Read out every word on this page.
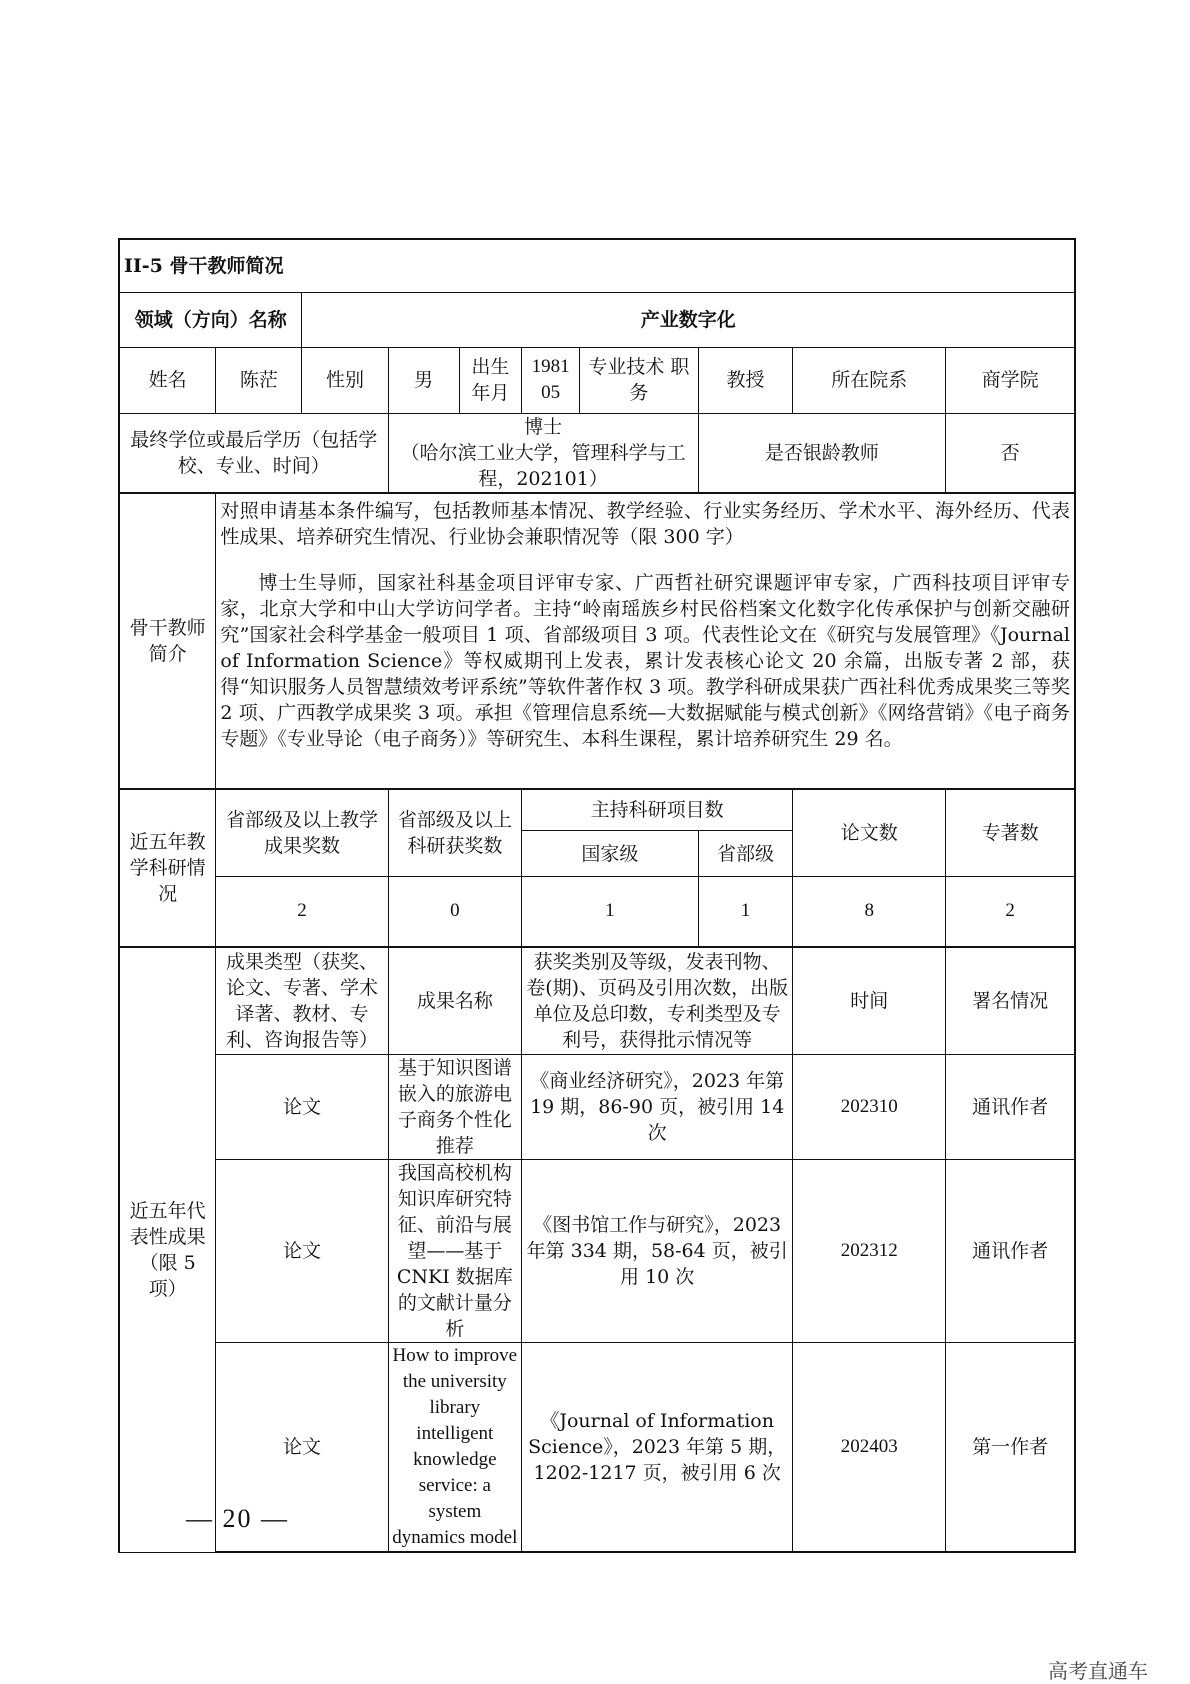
II-5 骨干教师简况									
领域（方向）名称		产业数字化							
姓名	陈茫	性别	男	出生年月	1981 05	专业技术 职 务	教授	所在院系	商学院
最终学位或最后学历（包括学校、专业、时间）			博士
（哈尔滨工业大学，管理科学与工程，202101）				是否银龄教师		否
骨干教师简介	对照申请基本条件编写，包括教师基本情况、教学经验、行业实务经历、学术水平、海外经历、代表性成果、培养研究生情况、行业协会兼职情况等（限 300 字）

博士生导师，国家社科基金项目评审专家、广西哲社研究课题评审专家，广西科技项目评审专家，北京大学和中山大学访问学者。主持“岭南瑶族乡村民俗档案文化数字化传承保护与创新交融研究”国家社会科学基金一般项目 1 项、省部级项目 3 项。代表性论文在《研究与发展管理》《Journal of Information Science》等权威期刊上发表，累计发表核心论文 20 余篇，出版专著 2 部，获得“知识服务人员智慧绩效考评系统”等软件著作权 3 项。教学科研成果获广西社科优秀成果奖三等奖 2 项、广西教学成果奖 3 项。承担《管理信息系统—大数据赋能与模式创新》《网络营销》《电子商务专题》《专业导论（电子商务）》等研究生、本科生课程，累计培养研究生 29 名。								

近五年教学科研情况	省部级及以上教学成果奖数		省部级及以上科研获奖数		主持科研项目数			论文数	专著数
					国家级		省部级		
	2		0		1		1	8	2
近五年代表性成果（限 5 项）	成果类型（获奖、论文、专著、学术译著、教材、专利、咨询报告等）		成果名称		获奖类别及等级，发表刊物、卷(期)、页码及引用次数，出版单位及总印数，专利类型及专利号，获得批示情况等			时间	署名情况
	论文		基于知识图谱嵌入的旅游电子商务个性化推荐		《商业经济研究》，2023 年第 19 期，86-90 页，被引用 14 次			202310	通讯作者
	论文		我国高校机构知识库研究特征、前沿与展望——基于 CNKI 数据库的文献计量分析		《图书馆工作与研究》，2023 年第 334 期，58-64 页，被引用 10 次			202312	通讯作者
	论文		How to improve the university library intelligent knowledge service: a system dynamics model		《Journal of Information Science》，2023 年第 5 期，1202-1217 页，被引用 6 次			202403	第一作者
— 20 —
高考直通车
